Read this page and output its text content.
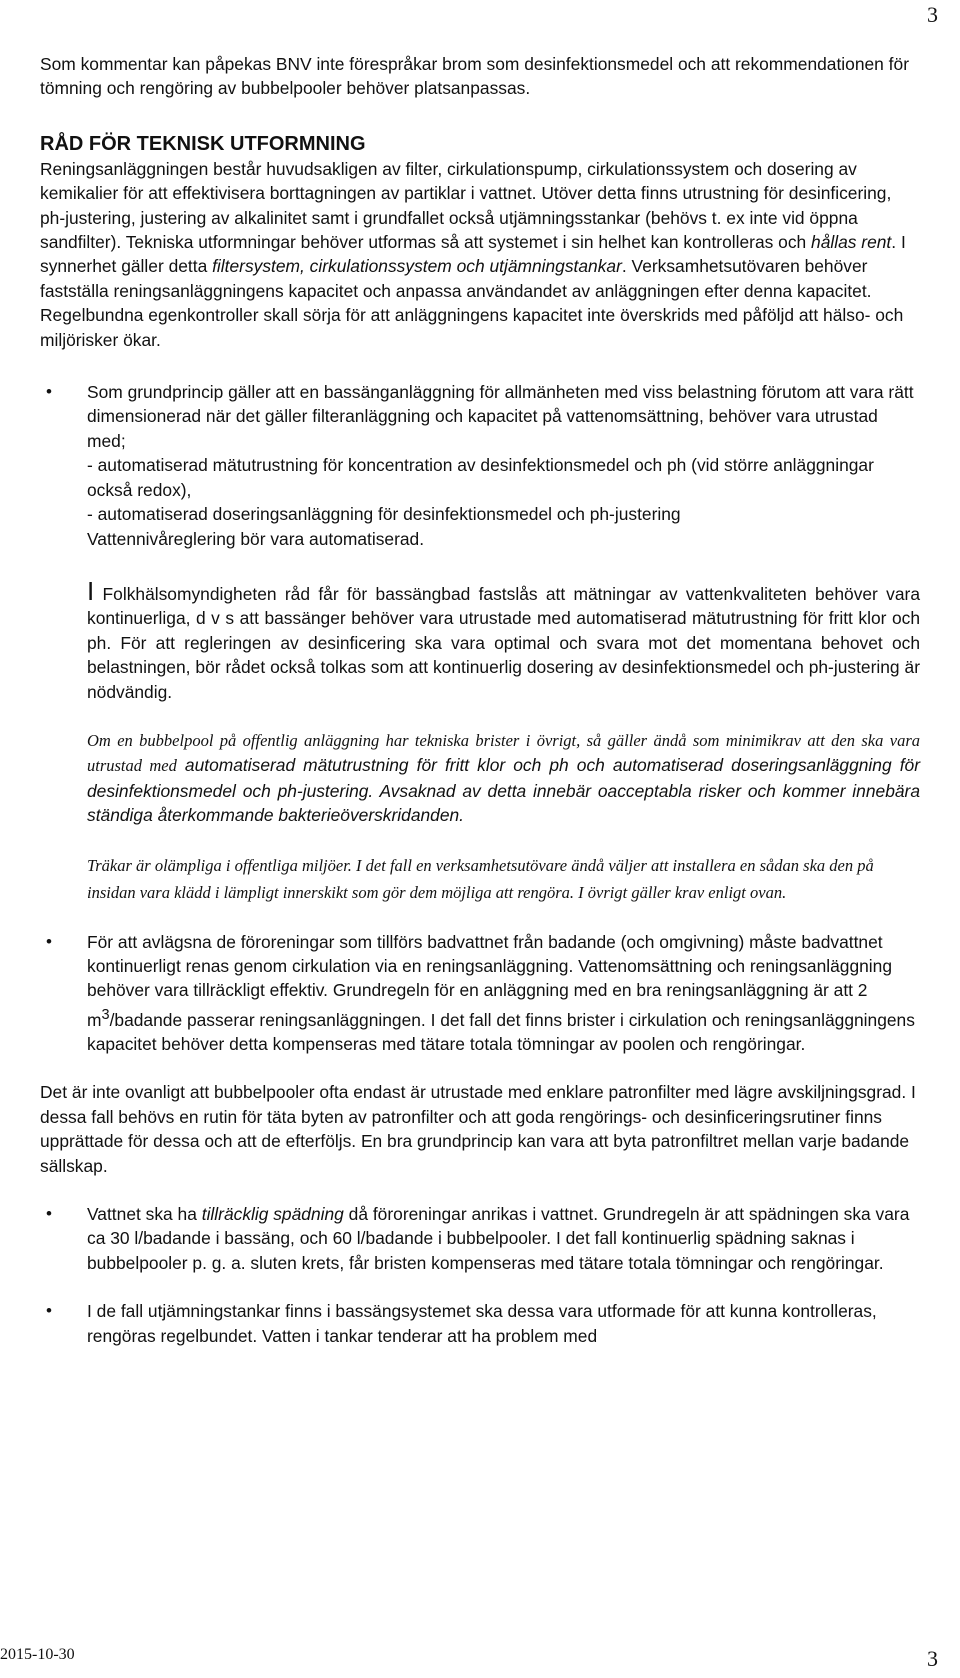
3

Som kommentar kan påpekas BNV inte förespråkar brom som desinfektionsmedel och att rekommendationen för tömning och rengöring av bubbelpooler behöver platsanpassas.

RÅD FÖR TEKNISK UTFORMNING

Reningsanläggningen består huvudsakligen av filter, cirkulationspump, cirkulationssystem och dosering av kemikalier för att effektivisera borttagningen av partiklar i vattnet. Utöver detta finns utrustning för desinficering, ph-justering, justering av alkalinitet samt i grundfallet också utjämningsstankar (behövs t. ex inte vid öppna sandfilter). Tekniska utformningar behöver utformas så att systemet i sin helhet kan kontrolleras och hållas rent. I synnerhet gäller detta filtersystem, cirkulationssystem och utjämningstankar. Verksamhetsutövaren behöver fastställa reningsanläggningens kapacitet och anpassa användandet av anläggningen efter denna kapacitet. Regelbundna egenkontroller skall sörja för att anläggningens kapacitet inte överskrids med påföljd att hälso- och miljörisker ökar.

• Som grundprincip gäller att en bassänganläggning för allmänheten med viss belastning förutom att vara rätt dimensionerad när det gäller filteranläggning och kapacitet på vattenomsättning, behöver vara utrustad med;

- automatiserad mätutrustning för koncentration av desinfektionsmedel och ph (vid större anläggningar också redox),

- automatiserad doseringsanläggning för desinfektionsmedel och ph-justering

Vattennivåreglering bör vara automatiserad.

I Folkhälsomyndigheten råd får för bassängbad fastslås att mätningar av vattenkvaliteten behöver vara kontinuerliga, d v s att bassänger behöver vara utrustade med automatiserad mätutrustning för fritt klor och ph. För att regleringen av desinficering ska vara optimal och svara mot det momentana behovet och belastningen, bör rådet också tolkas som att kontinuerlig dosering av desinfektionsmedel och ph-justering är nödvändig.

Om en bubbelpool på offentlig anläggning har tekniska brister i övrigt, så gäller ändå som minimikrav att den ska vara utrustad med automatiserad mätutrustning för fritt klor och ph och automatiserad doseringsanläggning för desinfektionsmedel och ph-justering. Avsaknad av detta innebär oacceptabla risker och kommer innebära ständiga återkommande bakterieöverskridanden.

Träkar är olämpliga i offentliga miljöer. I det fall en verksamhetsutövare ändå väljer att installera en sådan ska den på insidan vara klädd i lämpligt innerskikt som gör dem möjliga att rengöra. I övrigt gäller krav enligt ovan.

• För att avlägsna de föroreningar som tillförs badvattnet från badande (och omgivning) måste badvattnet kontinuerligt renas genom cirkulation via en reningsanläggning. Vattenomsättning och reningsanläggning behöver vara tillräckligt effektiv. Grundregeln för en anläggning med en bra reningsanläggning är att 2 $m^3$/badande passerar reningsanläggningen. I det fall det finns brister i cirkulation och reningsanläggningens kapacitet behöver detta kompenseras med tätare totala tömningar av poolen och rengöringar.

Det är inte ovanligt att bubbelpooler ofta endast är utrustade med enklare patronfilter med lägre avskiljningsgrad. I dessa fall behövs en rutin för täta byten av patronfilter och att goda rengörings- och desinficeringsrutiner finns upprättade för dessa och att de efterföljs. En bra grundprincip kan vara att byta patronfiltret mellan varje badande sällskap.

• Vattnet ska ha tillräcklig spädning då föroreningar anrikas i vattnet. Grundregeln är att spädningen ska vara ca 30 l/badande i bassäng, och 60 l/badande i bubbelpooler. I det fall kontinuerlig spädning saknas i bubbelpooler p. g. a. sluten krets, får bristen kompenseras med tätare totala tömningar och rengöringar.

• I de fall utjämningstankar finns i bassängsystemet ska dessa vara utformade för att kunna kontrolleras, rengöras regelbundet. Vatten i tankar tenderar att ha problem med

2015-10-30	3
